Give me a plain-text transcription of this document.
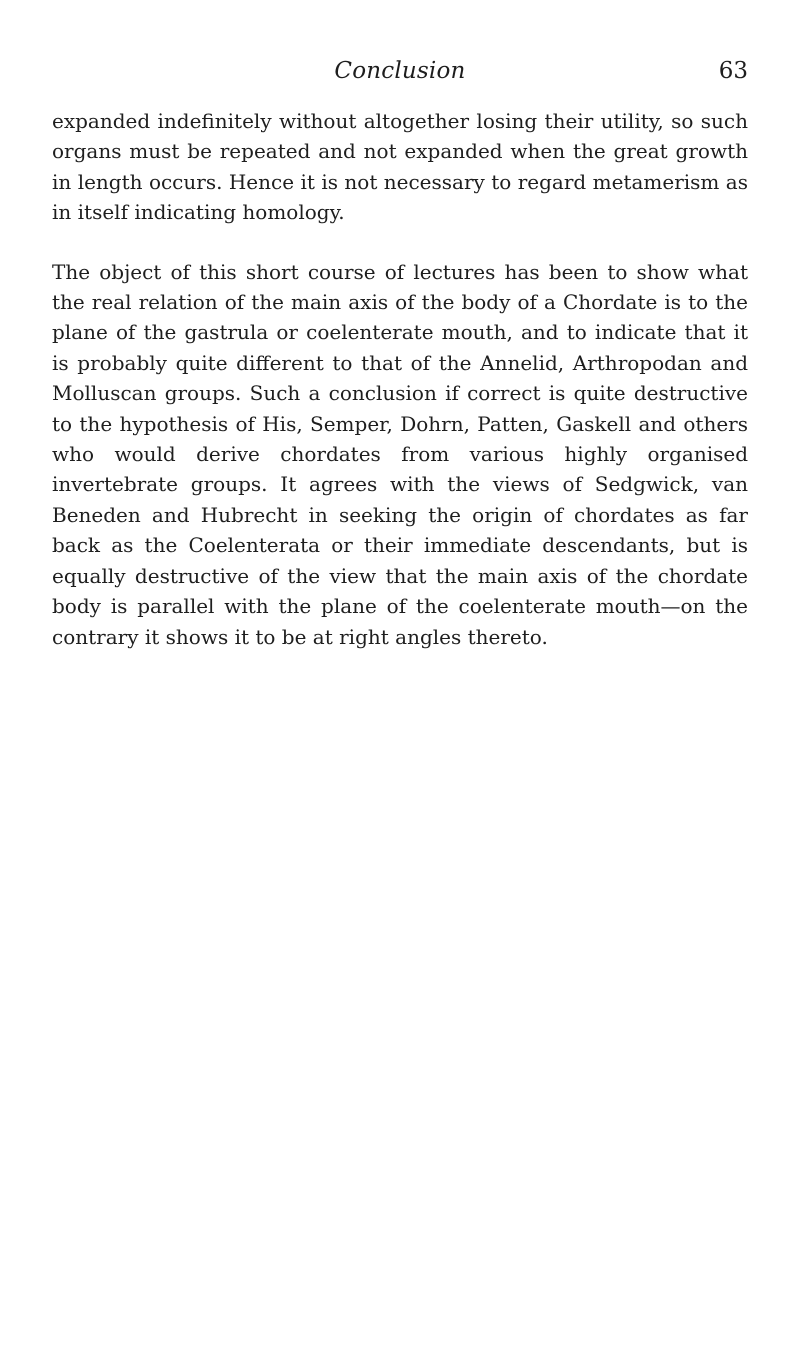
Conclusion	63

expanded indefinitely without altogether losing their utility, so such organs must be repeated and not expanded when the great growth in length occurs. Hence it is not necessary to regard metamerism as in itself indicating homology.

The object of this short course of lectures has been to show what the real relation of the main axis of the body of a Chordate is to the plane of the gastrula or coelenterate mouth, and to indicate that it is probably quite different to that of the Annelid, Arthropodan and Molluscan groups. Such a conclusion if correct is quite destructive to the hypothesis of His, Semper, Dohrn, Patten, Gaskell and others who would derive chordates from various highly organised invertebrate groups. It agrees with the views of Sedgwick, van Beneden and Hubrecht in seeking the origin of chordates as far back as the Coelenterata or their immediate descendants, but is equally destructive of the view that the main axis of the chordate body is parallel with the plane of the coelenterate mouth—on the contrary it shows it to be at right angles thereto.
